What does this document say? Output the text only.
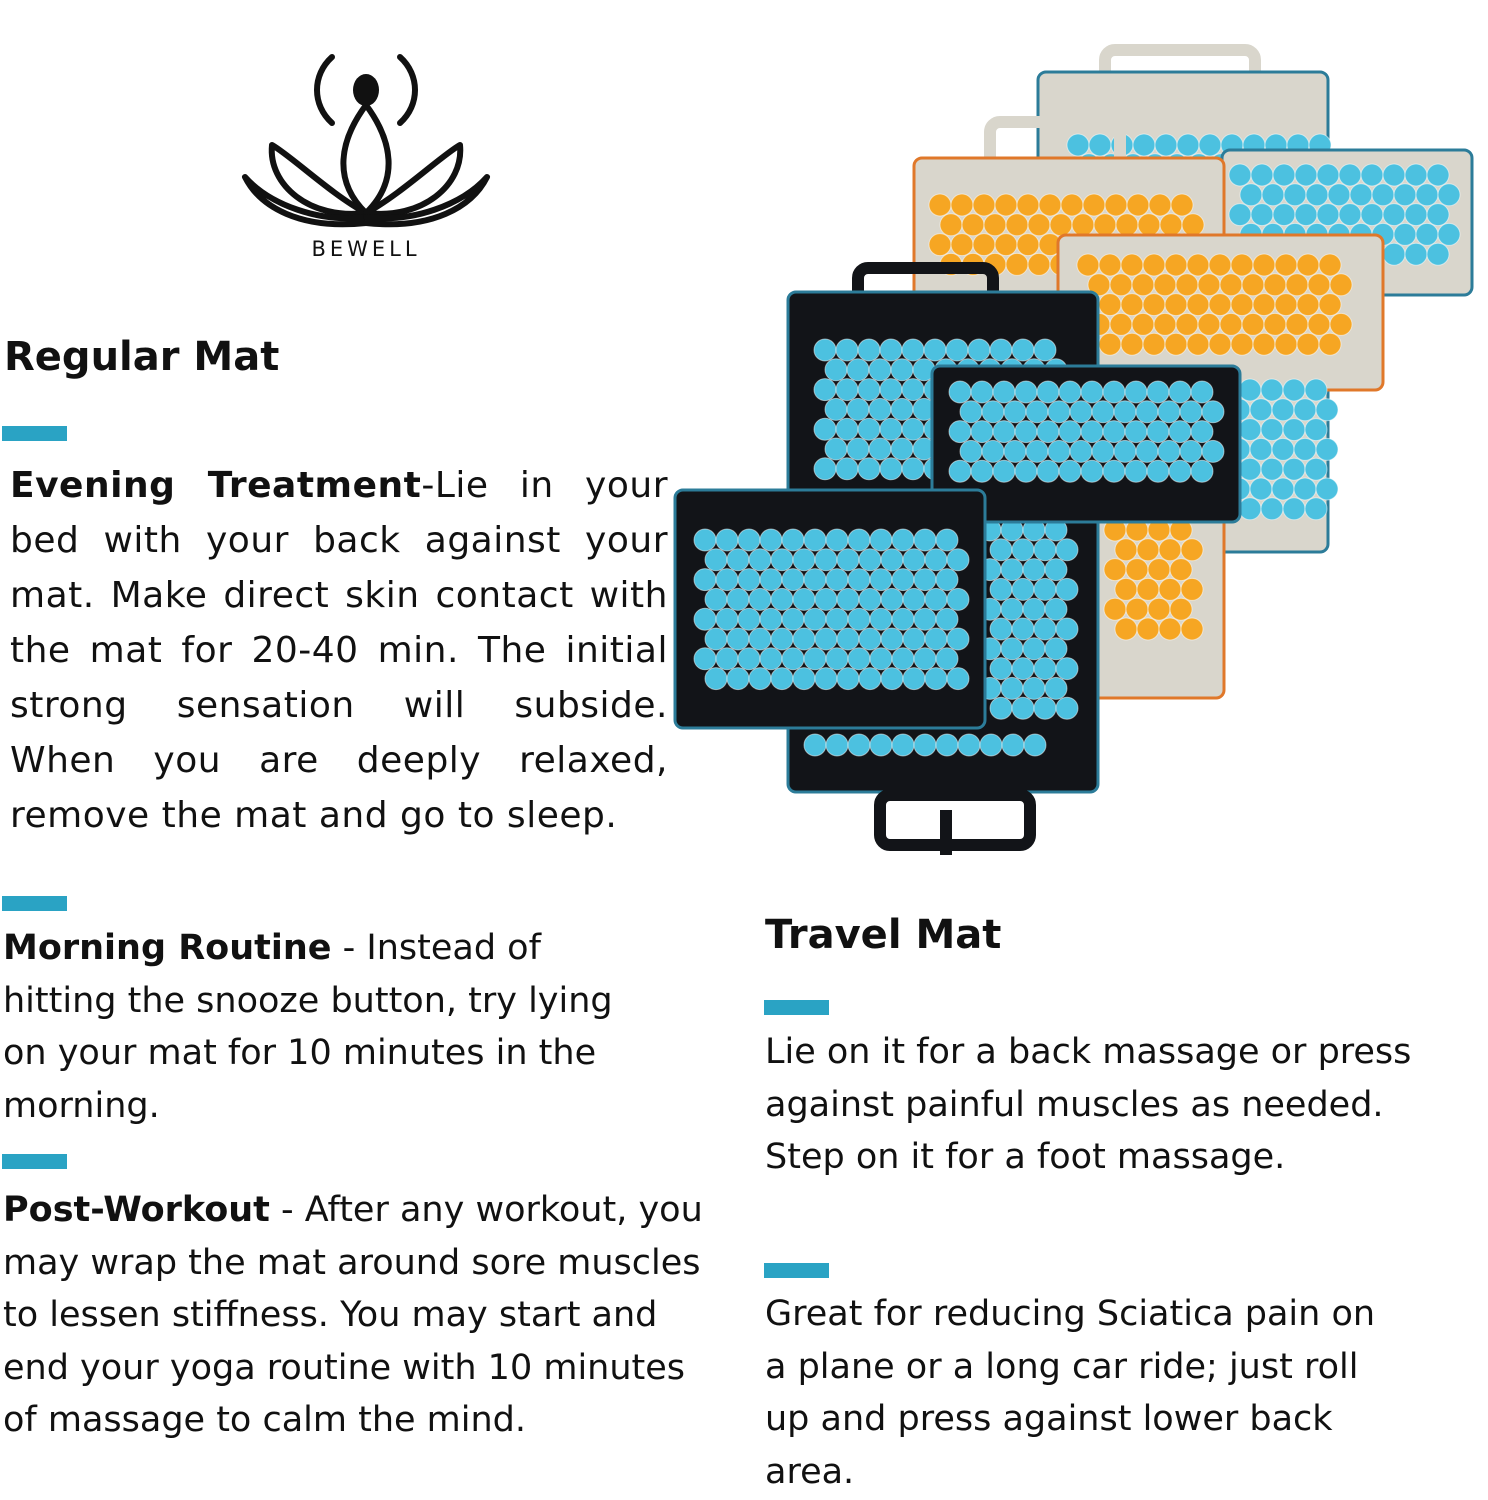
BEWELL
Regular Mat
Evening Treatment-Lie in your bed with your back against your mat. Make direct skin contact with the mat for 20-40 min. The initial strong sensation will subside. When you are deeply relaxed, remove the mat and go to sleep.
Morning Routine - Instead of hitting the snooze button, try lying on your mat for 10 minutes in the morning.
Post-Workout - After any workout, you may wrap the mat around sore muscles to lessen stiffness. You may start and end your yoga routine with 10 minutes of massage to calm the mind.
Travel Mat
Lie on it for a back massage or press against painful muscles as needed. Step on it for a foot massage.
Great for reducing Sciatica pain on a plane or a long car ride; just roll up and press against lower back area.
